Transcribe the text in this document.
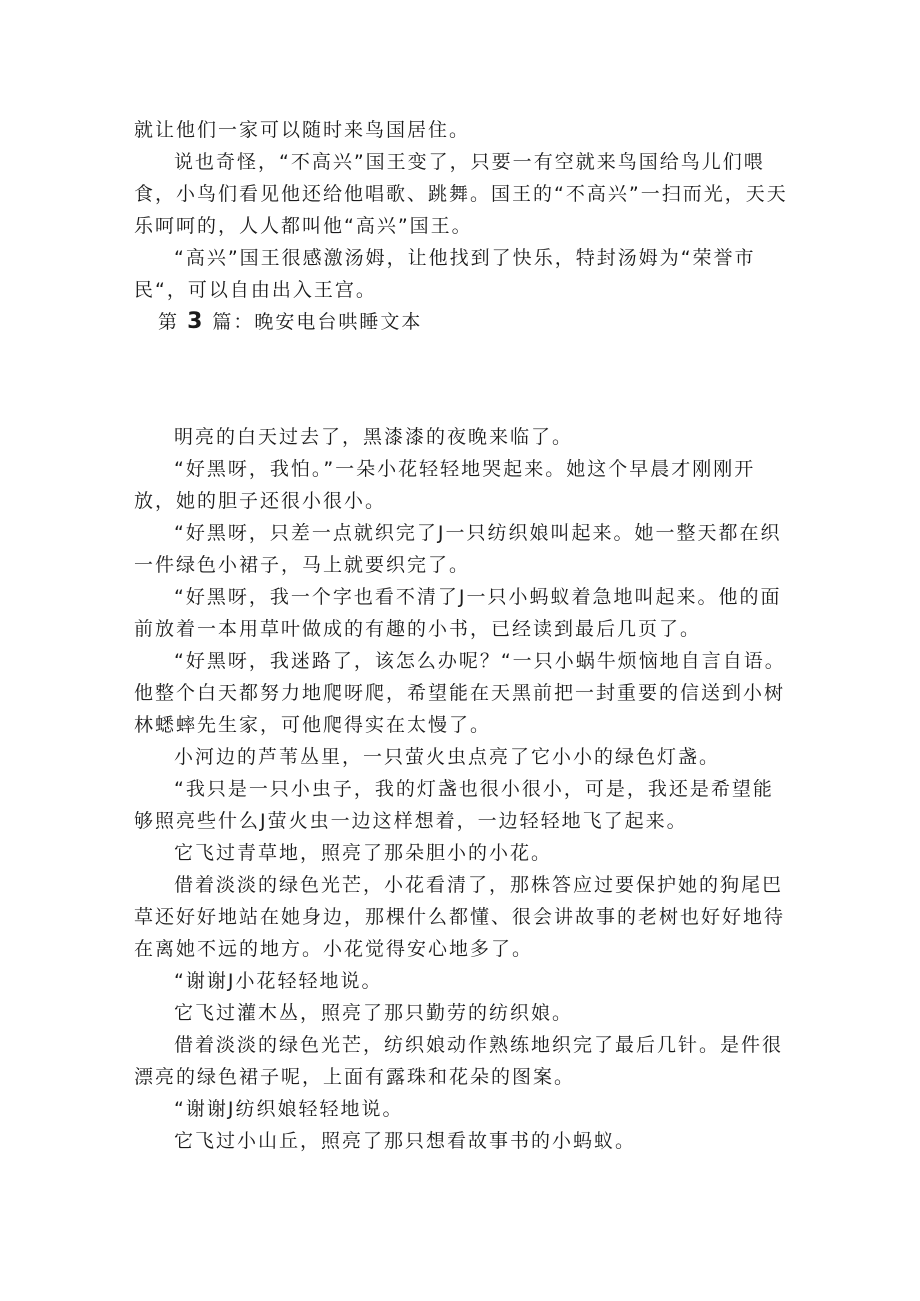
就让他们一家可以随时来鸟国居住。

说也奇怪，“不高兴”国王变了，只要一有空就来鸟国给鸟儿们喂食，小鸟们看见他还给他唱歌、跳舞。国王的“不高兴”一扫而光，天天乐呵呵的，人人都叫他“高兴”国王。

“高兴”国王很感激汤姆，让他找到了快乐，特封汤姆为“荣誉市民“，可以自由出入王宫。

第 3 篇：晚安电台哄睡文本

明亮的白天过去了，黑漆漆的夜晚来临了。

“好黑呀，我怕。”一朵小花轻轻地哭起来。她这个早晨才刚刚开放，她的胆子还很小很小。

“好黑呀，只差一点就织完了J一只纺织娘叫起来。她一整天都在织一件绿色小裙子，马上就要织完了。

“好黑呀，我一个字也看不清了J一只小蚂蚁着急地叫起来。他的面前放着一本用草叶做成的有趣的小书，已经读到最后几页了。

“好黑呀，我迷路了，该怎么办呢？“一只小蜗牛烦恼地自言自语。他整个白天都努力地爬呀爬，希望能在天黑前把一封重要的信送到小树林蟋蟀先生家，可他爬得实在太慢了。

小河边的芦苇丛里，一只萤火虫点亮了它小小的绿色灯盏。

“我只是一只小虫子，我的灯盏也很小很小，可是，我还是希望能够照亮些什么J萤火虫一边这样想着，一边轻轻地飞了起来。

它飞过青草地，照亮了那朵胆小的小花。

借着淡淡的绿色光芒，小花看清了，那株答应过要保护她的狗尾巴草还好好地站在她身边，那棵什么都懂、很会讲故事的老树也好好地待在离她不远的地方。小花觉得安心地多了。

“谢谢J小花轻轻地说。

它飞过灌木丛，照亮了那只勤劳的纺织娘。

借着淡淡的绿色光芒，纺织娘动作熟练地织完了最后几针。是件很漂亮的绿色裙子呢，上面有露珠和花朵的图案。

“谢谢J纺织娘轻轻地说。

它飞过小山丘，照亮了那只想看故事书的小蚂蚁。
